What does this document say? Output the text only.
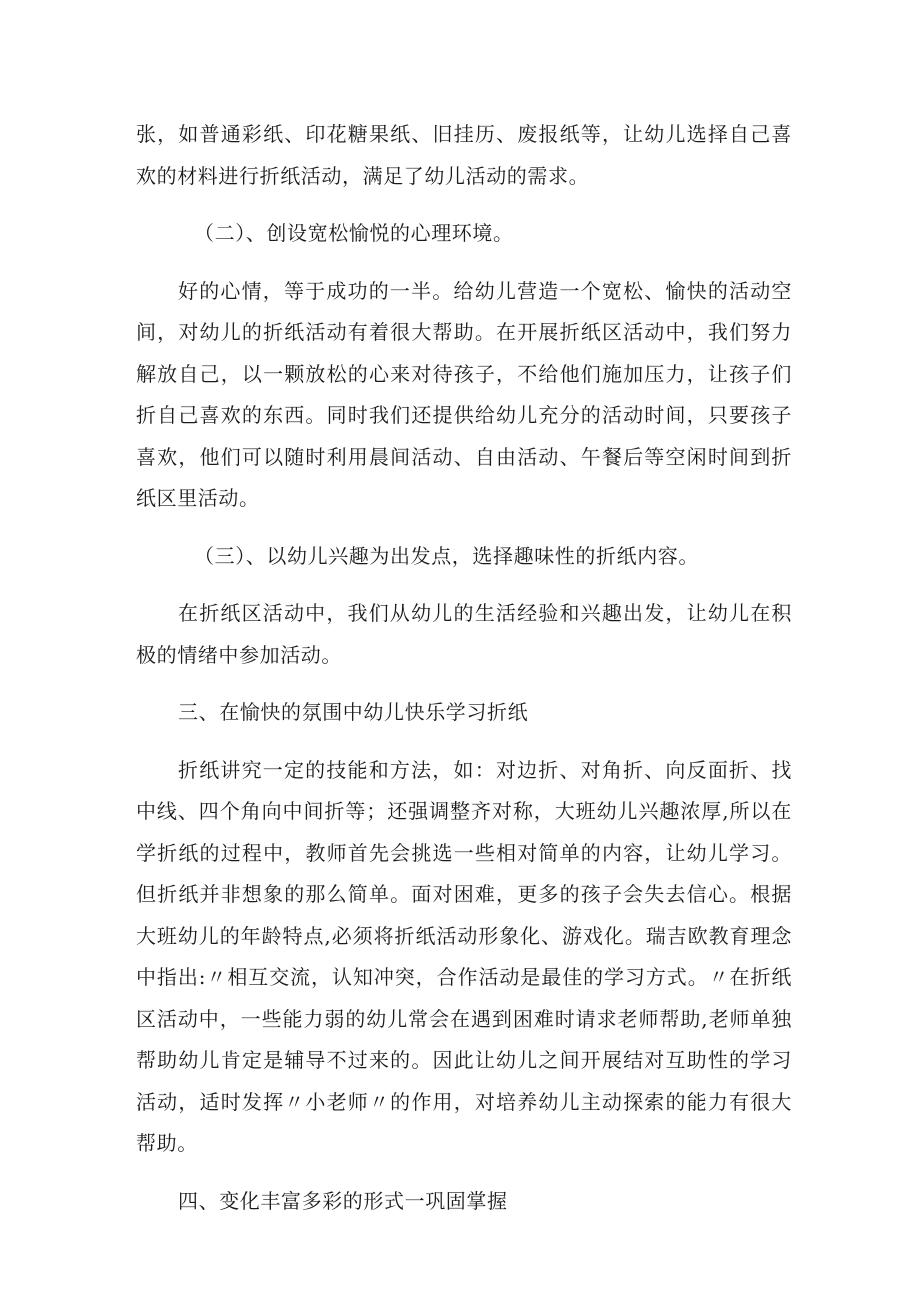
张，如普通彩纸、印花糖果纸、旧挂历、废报纸等，让幼儿选择自己喜欢的材料进行折纸活动，满足了幼儿活动的需求。

（二）、创设宽松愉悦的心理环境。

好的心情，等于成功的一半。给幼儿营造一个宽松、愉快的活动空间，对幼儿的折纸活动有着很大帮助。在开展折纸区活动中，我们努力解放自己，以一颗放松的心来对待孩子，不给他们施加压力，让孩子们折自己喜欢的东西。同时我们还提供给幼儿充分的活动时间，只要孩子喜欢，他们可以随时利用晨间活动、自由活动、午餐后等空闲时间到折纸区里活动。

（三）、以幼儿兴趣为出发点，选择趣味性的折纸内容。

在折纸区活动中，我们从幼儿的生活经验和兴趣出发，让幼儿在积极的情绪中参加活动。

三、在愉快的氛围中幼儿快乐学习折纸

折纸讲究一定的技能和方法，如：对边折、对角折、向反面折、找中线、四个角向中间折等；还强调整齐对称，大班幼儿兴趣浓厚,所以在学折纸的过程中，教师首先会挑选一些相对简单的内容，让幼儿学习。但折纸并非想象的那么简单。面对困难，更多的孩子会失去信心。根据大班幼儿的年龄特点,必须将折纸活动形象化、游戏化。瑞吉欧教育理念中指出:〃相互交流，认知冲突，合作活动是最佳的学习方式。〃在折纸区活动中，一些能力弱的幼儿常会在遇到困难时请求老师帮助,老师单独帮助幼儿肯定是辅导不过来的。因此让幼儿之间开展结对互助性的学习活动，适时发挥〃小老师〃的作用，对培养幼儿主动探索的能力有很大帮助。

四、变化丰富多彩的形式一巩固掌握
